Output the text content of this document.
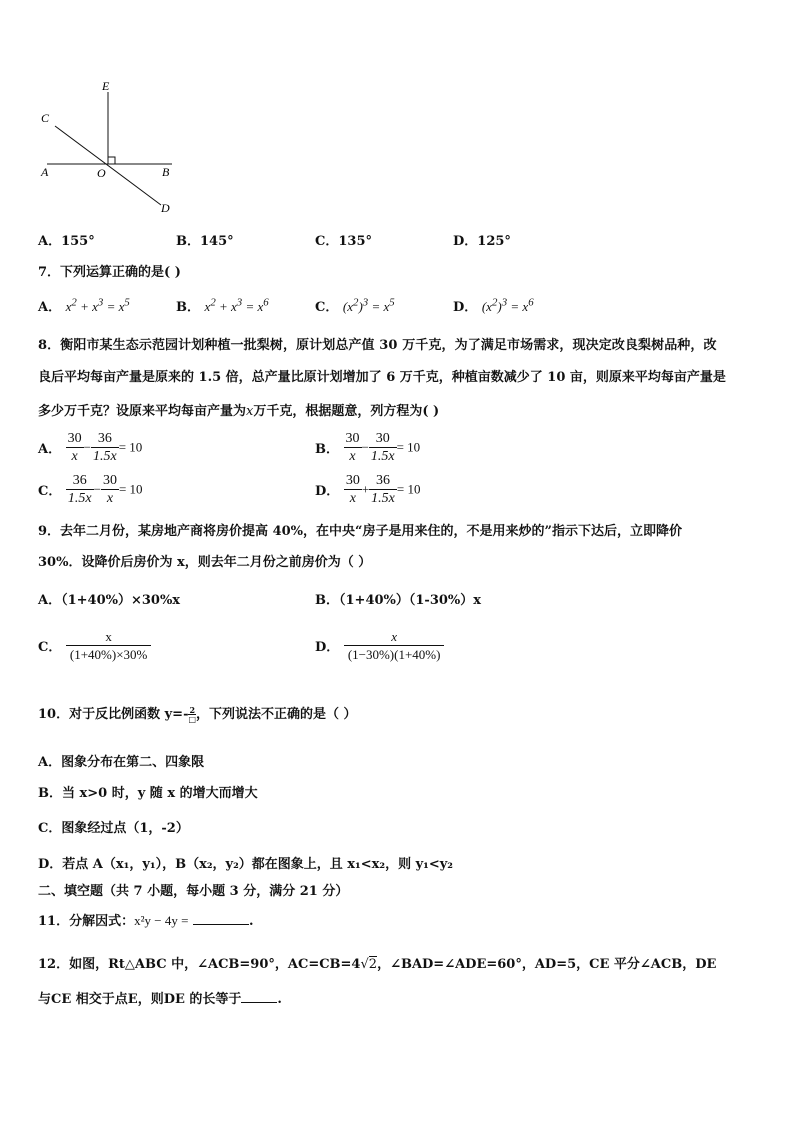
E
C
A	O	B
D
A．155°	B．145°	C．135°	D．125°
7．下列运算正确的是( )
A． $x^2 + x^3 = x^5$	B． $x^2 + x^3 = x^6$	C． $(x^2)^3 = x^5$	D． $(x^2)^3 = x^6$
8．衡阳市某生态示范园计划种植一批梨树，原计划总产值 30 万千克，为了满足市场需求，现决定改良梨树品种，改
良后平均每亩产量是原来的 1.5 倍，总产量比原计划增加了 6 万千克，种植亩数减少了 10 亩，则原来平均每亩产量是
多少万千克？设原来平均每亩产量为x万千克，根据题意，列方程为( )
A． $\frac{30}{x} - \frac{36}{1.5x} = 10$	B． $\frac{30}{x} - \frac{30}{1.5x} = 10$
C． $\frac{36}{1.5x} - \frac{30}{x} = 10$	D． $\frac{30}{x} + \frac{36}{1.5x} = 10$
9．去年二月份，某房地产商将房价提高 40%，在中央“房子是用来住的，不是用来炒的”指示下达后，立即降价
30%．设降价后房价为 x，则去年二月份之前房价为（ ）
A．（1+40%）×30%x	B．（1+40%）（1-30%）x
C． $\frac{x}{(1+40\%)\times 30\%}$	D． $\frac{x}{(1-30\%)(1+40\%)}$
10．对于反比例函数 $y=- \frac{2}{□}$ ，下列说法不正确的是（ ）
A．图象分布在第二、四象限
B．当 x>0 时，y 随 x 的增大而增大
C．图象经过点（1，-2）
D．若点 A（x₁，y₁），B（x₂，y₂）都在图象上，且 x₁<x₂，则 y₁<y₂
二、填空题（共 7 小题，每小题 3 分，满分 21 分）
11．分解因式：x²y − 4y =	.
12．如图，Rt△ABC 中，∠ACB=90°，AC=CB=4√2，∠BAD=∠ADE=60°，AD=5，CE 平分∠ACB，DE
与CE 相交于点E，则DE 的长等于	.
